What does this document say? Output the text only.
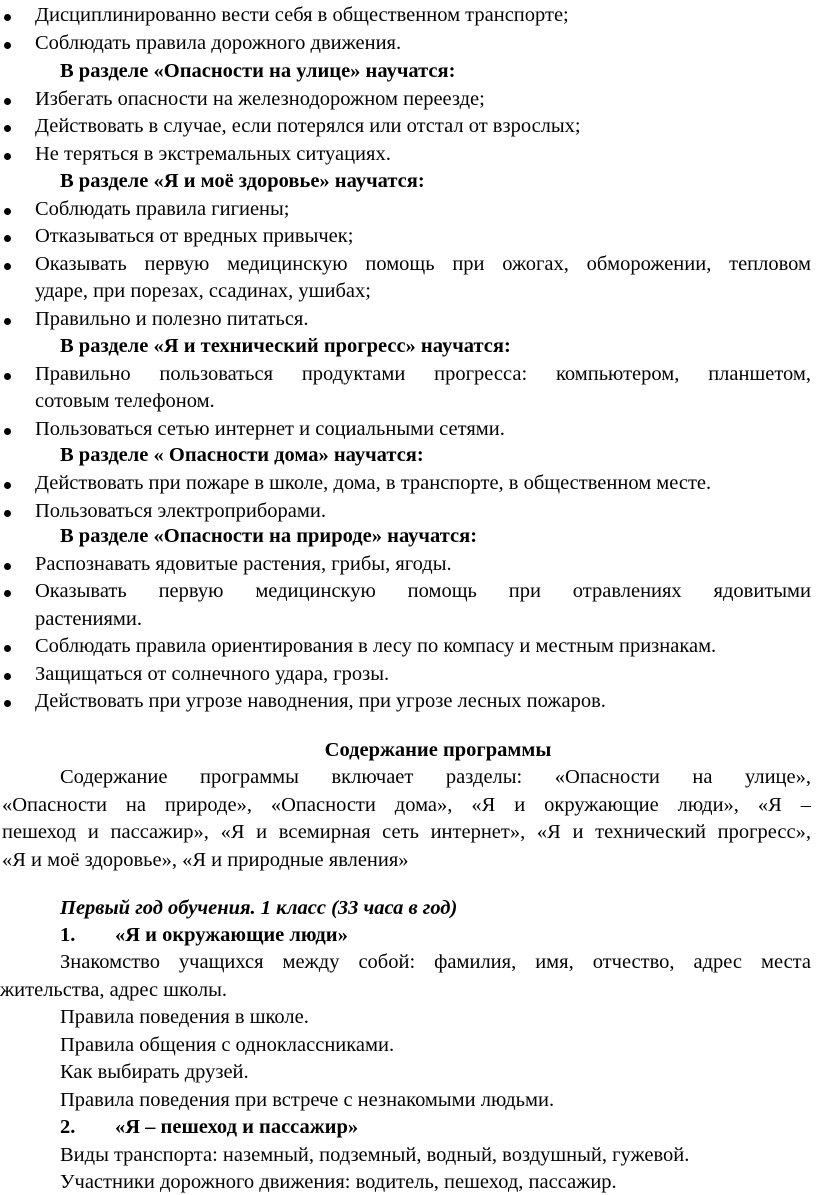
Дисциплинированно вести себя в общественном транспорте;
Соблюдать правила дорожного движения.
В разделе «Опасности на улице» научатся:
Избегать опасности на железнодорожном переезде;
Действовать в случае, если потерялся или отстал от взрослых;
Не теряться в экстремальных ситуациях.
В разделе «Я и моё здоровье» научатся:
Соблюдать правила гигиены;
Отказываться от вредных привычек;
Оказывать первую медицинскую помощь при ожогах, обморожении, тепловом
ударе, при порезах, ссадинах, ушибах;
Правильно и полезно питаться.
В разделе «Я и технический прогресс» научатся:
Правильно пользоваться продуктами прогресса: компьютером, планшетом,
сотовым телефоном.
Пользоваться сетью интернет и социальными сетями.
В разделе « Опасности дома» научатся:
Действовать при пожаре в школе, дома, в транспорте, в общественном месте.
Пользоваться электроприборами.
В разделе «Опасности на природе» научатся:
Распознавать ядовитые растения, грибы, ягоды.
Оказывать первую медицинскую помощь при отравлениях ядовитыми
растениями.
Соблюдать правила ориентирования в лесу по компасу и местным признакам.
Защищаться от солнечного удара, грозы.
Действовать при угрозе наводнения, при угрозе лесных пожаров.
Содержание программы
Содержание программы включает разделы: «Опасности на улице»,
«Опасности на природе», «Опасности дома», «Я и окружающие люди», «Я –
пешеход и пассажир», «Я и всемирная сеть интернет», «Я и технический прогресс»,
«Я и моё здоровье», «Я и природные явления»
Первый год обучения. 1 класс (33 часа в год)
1. «Я и окружающие люди»
Знакомство учащихся между собой: фамилия, имя, отчество, адрес места
жительства, адрес школы.
Правила поведения в школе.
Правила общения с одноклассниками.
Как выбирать друзей.
Правила поведения при встрече с незнакомыми людьми.
2. «Я – пешеход и пассажир»
Виды транспорта: наземный, подземный, водный, воздушный, гужевой.
Участники дорожного движения: водитель, пешеход, пассажир.
